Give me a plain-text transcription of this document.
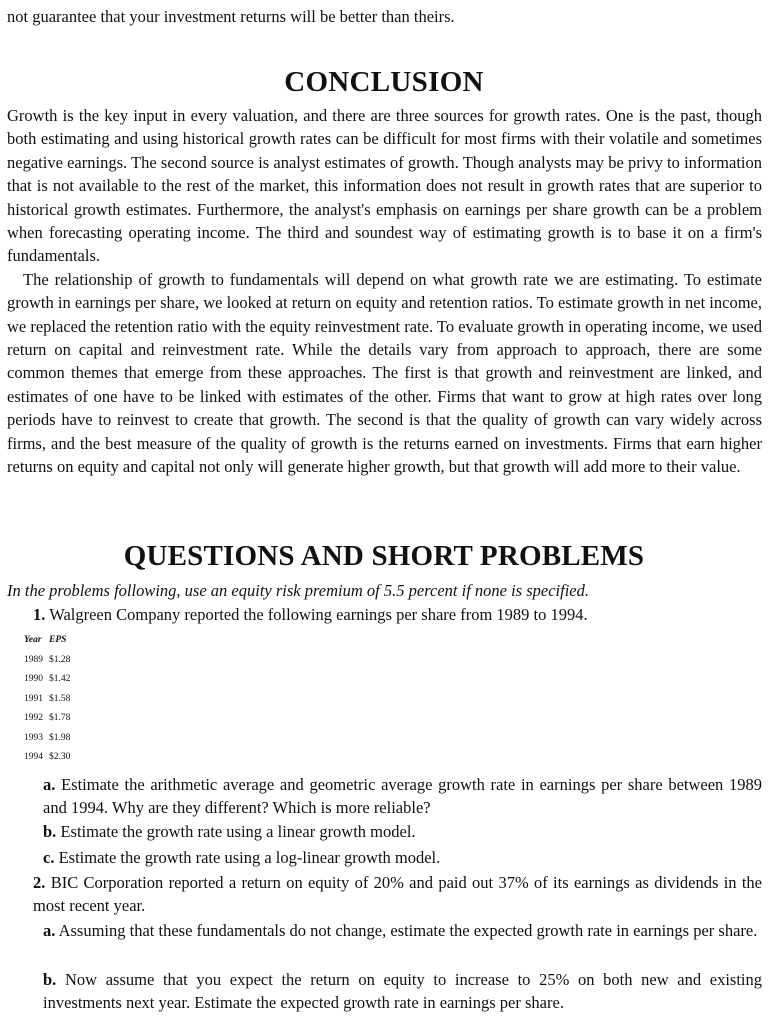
not guarantee that your investment returns will be better than theirs.

CONCLUSION

Growth is the key input in every valuation, and there are three sources for growth rates. One is the past, though both estimating and using historical growth rates can be difficult for most firms with their volatile and sometimes negative earnings. The second source is analyst estimates of growth. Though analysts may be privy to information that is not available to the rest of the market, this information does not result in growth rates that are superior to historical growth estimates. Furthermore, the analyst's emphasis on earnings per share growth can be a problem when forecasting operating income. The third and soundest way of estimating growth is to base it on a firm's fundamentals.

The relationship of growth to fundamentals will depend on what growth rate we are estimating. To estimate growth in earnings per share, we looked at return on equity and retention ratios. To estimate growth in net income, we replaced the retention ratio with the equity reinvestment rate. To evaluate growth in operating income, we used return on capital and reinvestment rate. While the details vary from approach to approach, there are some common themes that emerge from these approaches. The first is that growth and reinvestment are linked, and estimates of one have to be linked with estimates of the other. Firms that want to grow at high rates over long periods have to reinvest to create that growth. The second is that the quality of growth can vary widely across firms, and the best measure of the quality of growth is the returns earned on investments. Firms that earn higher returns on equity and capital not only will generate higher growth, but that growth will add more to their value.

QUESTIONS AND SHORT PROBLEMS

In the problems following, use an equity risk premium of 5.5 percent if none is specified.

1. Walgreen Company reported the following earnings per share from 1989 to 1994.

Year EPS
1989 $1.28
1990 $1.42
1991 $1.58
1992 $1.78
1993 $1.98
1994 $2.30

a. Estimate the arithmetic average and geometric average growth rate in earnings per share between 1989 and 1994. Why are they different? Which is more reliable?

b. Estimate the growth rate using a linear growth model.

c. Estimate the growth rate using a log-linear growth model.

2. BIC Corporation reported a return on equity of 20% and paid out 37% of its earnings as dividends in the most recent year.

a. Assuming that these fundamentals do not change, estimate the expected growth rate in earnings per share.

b. Now assume that you expect the return on equity to increase to 25% on both new and existing investments next year. Estimate the expected growth rate in earnings per share.
